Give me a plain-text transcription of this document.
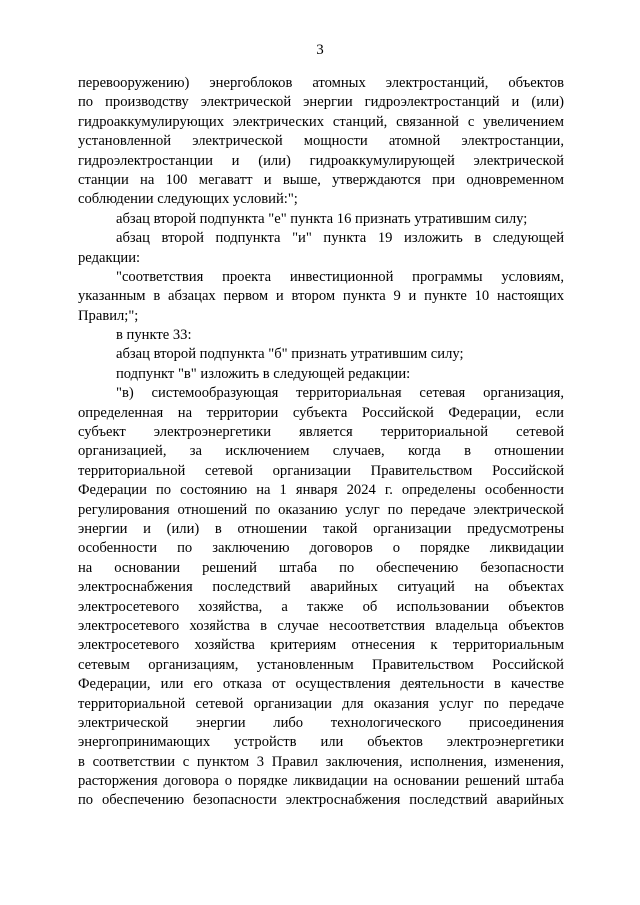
3
перевооружению) энергоблоков атомных электростанций, объектов
по производству электрической энергии гидроэлектростанций и (или)
гидроаккумулирующих электрических станций, связанной с увеличением
установленной электрической мощности атомной электростанции,
гидроэлектростанции и (или) гидроаккумулирующей электрической
станции на 100 мегаватт и выше, утверждаются при одновременном
соблюдении следующих условий:";
абзац второй подпункта "е" пункта 16 признать утратившим силу;
абзац второй подпункта "и" пункта 19 изложить в следующей
редакции:
"соответствия проекта инвестиционной программы условиям,
указанным в абзацах первом и втором пункта 9 и пункте 10 настоящих
Правил;";
в пункте 33:
абзац второй подпункта "б" признать утратившим силу;
подпункт "в" изложить в следующей редакции:
"в) системообразующая территориальная сетевая организация,
определенная на территории субъекта Российской Федерации, если
субъект электроэнергетики является территориальной сетевой
организацией, за исключением случаев, когда в отношении
территориальной сетевой организации Правительством Российской
Федерации по состоянию на 1 января 2024 г. определены особенности
регулирования отношений по оказанию услуг по передаче электрической
энергии и (или) в отношении такой организации предусмотрены
особенности по заключению договоров о порядке ликвидации
на основании решений штаба по обеспечению безопасности
электроснабжения последствий аварийных ситуаций на объектах
электросетевого хозяйства, а также об использовании объектов
электросетевого хозяйства в случае несоответствия владельца объектов
электросетевого хозяйства критериям отнесения к территориальным
сетевым организациям, установленным Правительством Российской
Федерации, или его отказа от осуществления деятельности в качестве
территориальной сетевой организации для оказания услуг по передаче
электрической энергии либо технологического присоединения
энергопринимающих устройств или объектов электроэнергетики
в соответствии с пунктом 3 Правил заключения, исполнения, изменения,
расторжения договора о порядке ликвидации на основании решений штаба
по обеспечению безопасности электроснабжения последствий аварийных
